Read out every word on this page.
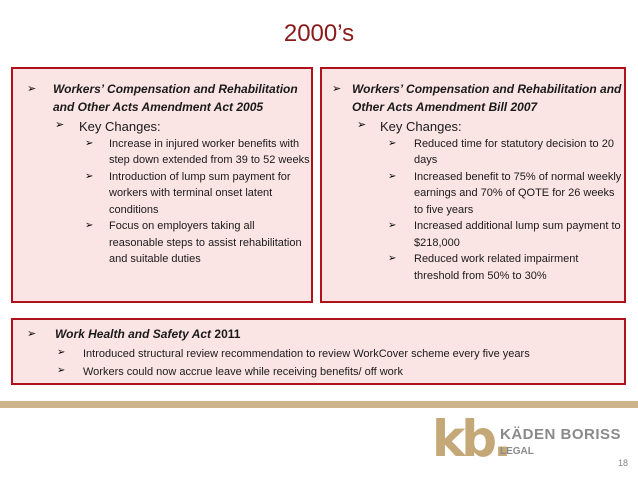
2000’s
➢ Workers’ Compensation and Rehabilitation and Other Acts Amendment Act 2005
➢ Key Changes:
➢ Increase in injured worker benefits with step down extended from 39 to 52 weeks
➢ Introduction of lump sum payment for workers with terminal onset latent conditions
➢ Focus on employers taking all reasonable steps to assist rehabilitation and suitable duties
➢ Workers’ Compensation and Rehabilitation and Other Acts Amendment Bill 2007
➢ Key Changes:
➢ Reduced time for statutory decision to 20 days
➢ Increased benefit to 75% of normal weekly earnings and 70% of QOTE for 26 weeks to five years
➢ Increased additional lump sum payment to $218,000
➢ Reduced work related impairment threshold from 50% to 30%
➢ Work Health and Safety Act 2011
➢ Introduced structural review recommendation to review WorkCover scheme every five years
➢ Workers could now accrue leave while receiving benefits/ off work
kb.
KÄDEN BORISS
LEGAL
18
